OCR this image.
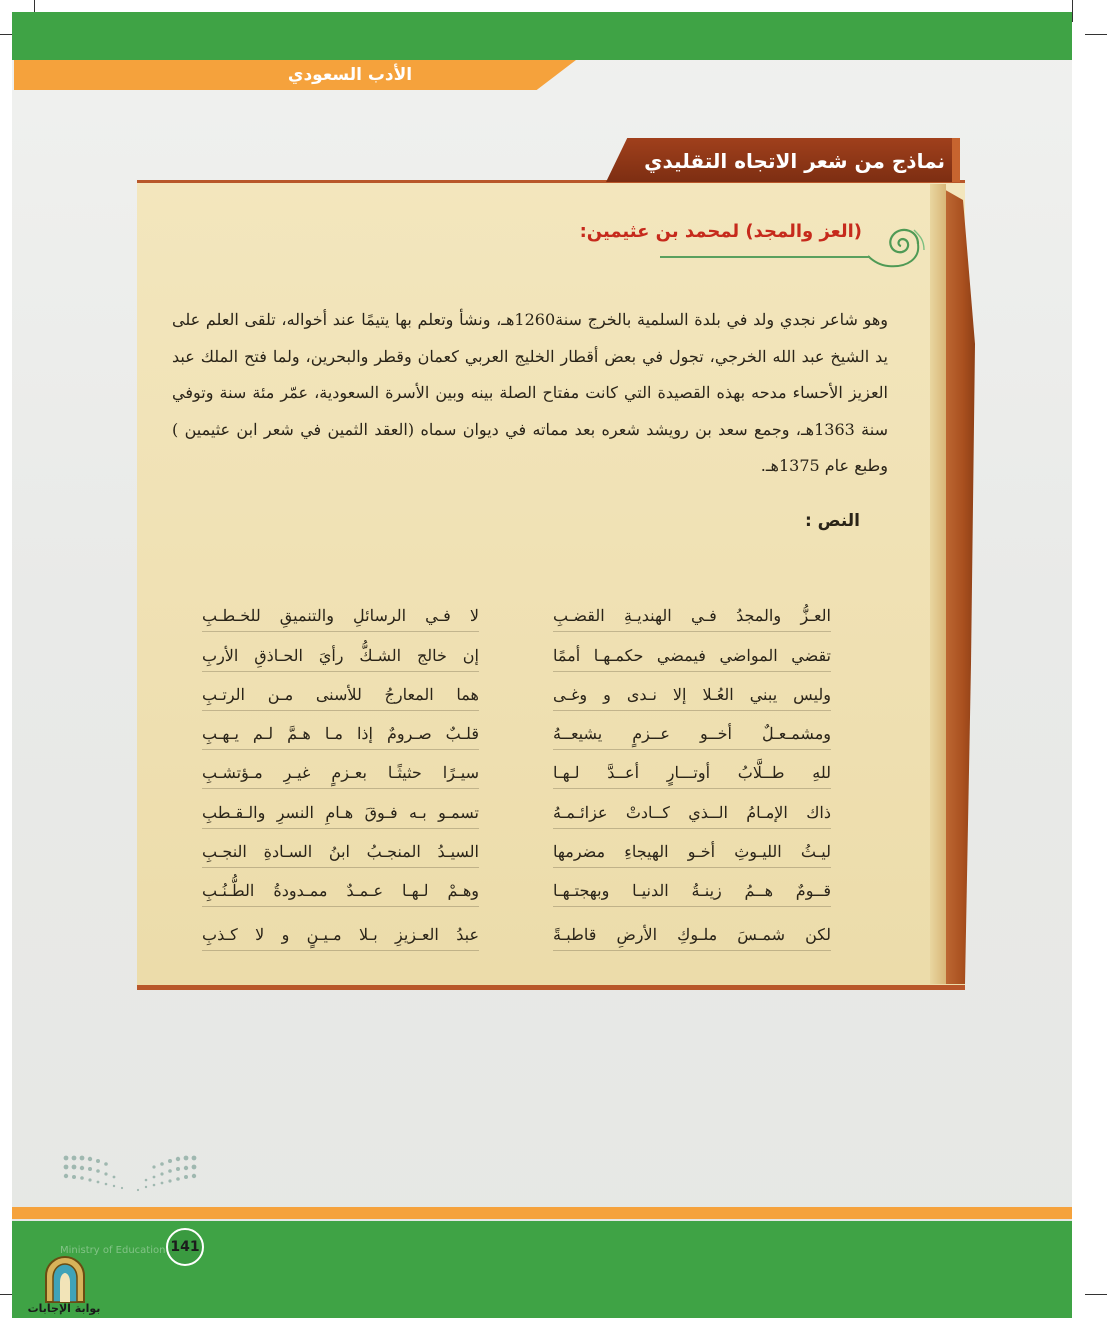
الأدب السعودي
نماذج من شعر الاتجاه التقليدي
(العز والمجد) لمحمد بن عثيمين:
وهو شاعر نجدي ولد في بلدة السلمية بالخرج سنة1260هـ، ونشأ وتعلم بها يتيمًا عند أخواله، تلقى العلم على يد الشيخ عبد الله الخرجي، تجول في بعض أقطار الخليج العربي كعمان وقطر والبحرين، ولما فتح الملك عبد العزيز الأحساء مدحه بهذه القصيدة التي كانت مفتاح الصلة بينه وبين الأسرة السعودية، عمّر مئة سنة وتوفي سنة 1363هـ، وجمع سعد بن رويشد شعره بعد مماته في ديوان سماه (العقد الثمين في شعر ابن عثيمين ) وطبع عام 1375هـ.
النص :
العـزُّ والمجدُ فـي الهنديـةِ القضـبِ
لا فـي الرسائلِ والتنميقِ للخـطـبِ
تقضي المواضي فيمضي حكمـهـا أممًا
إن خالج الشـكُّ رأيَ الحـاذقِ الأربِ
وليس يبني العُـلا إلا نـدى و وغـى
هما المعارجُ للأسنى مـن الرتـبِ
ومشمـعـلٌ أخــو عــزمٍ يشيعــهُ
قلـبٌ صـرومٌ إذا مـا هـمَّ لـم يـهـبِ
للهِ طــلَّابُ أوتـــارٍ أعــدَّ لـهـا
سيـرًا حثيثًـا بعـزمٍ غيـرِ مـؤتشـبِ
ذاك الإمـامُ الــذي كــادتْ عزائـمـهُ
تسمـو بـه فـوقَ هـامِ النسرِ والـقـطبِ
ليـثُ الليـوثِ أخـو الهيجاءِ مضرمها
السيـدُ المنجـبُ ابنُ السـادةِ النجـبِ
قــومٌ هــمُ زينـةُ الدنيـا وبهجتـهـا
وهـمْ لـهـا عـمـدٌ ممـدودةُ الطُّـنُـبِ
لكن شمـسَ ملـوكِ الأرضِ قاطبـةً
عبدُ العـزيزِ بـلا مـيـنٍ و لا كـذبِ
Ministry of Education 141
بوابة الإجابات
